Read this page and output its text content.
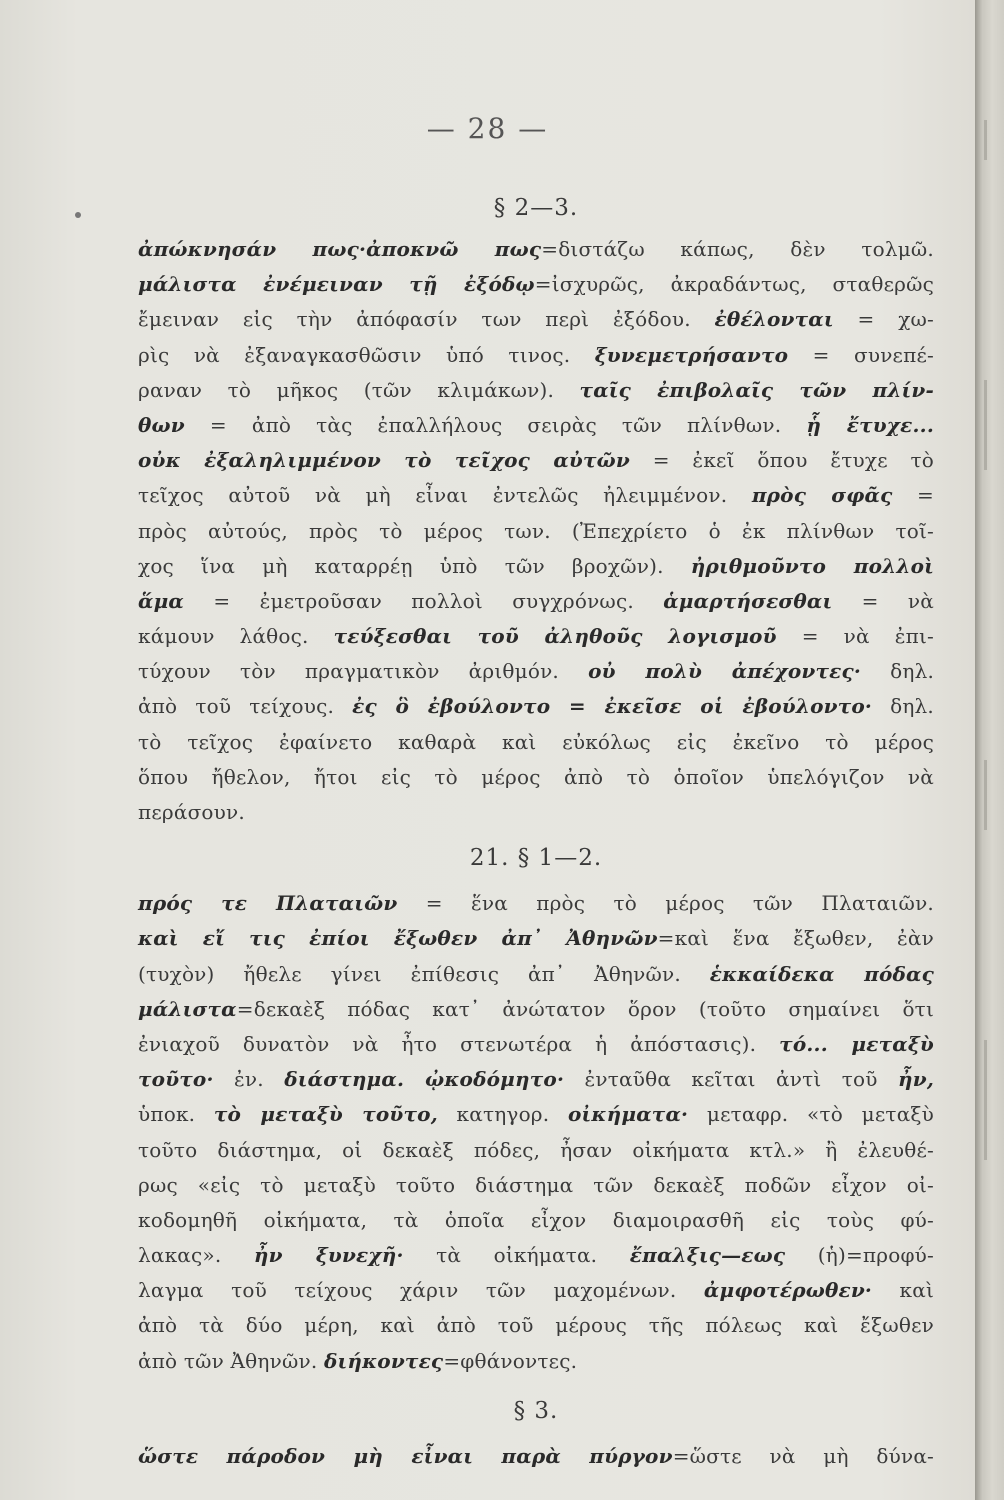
— 28 —
§ 2—3.
ἀπώκνησάν πως·ἀποκνῶ πως=διστάζω κάπως, δὲν τολμῶ.
μάλιστα ἐνέμειναν τῇ ἐξόδῳ=ἰσχυρῶς, ἀκραδάντως, σταθερῶς
ἔμειναν εἰς τὴν ἀπόφασίν των περὶ ἐξόδου. ἐθέλονται = χω-
ρὶς νὰ ἐξαναγκασθῶσιν ὑπό τινος. ξυνεμετρήσαντο = συνεπέ-
ραναν τὸ μῆκος (τῶν κλιμάκων). ταῖς ἐπιβολαῖς τῶν πλίν-
θων = ἀπὸ τὰς ἐπαλλήλους σειρὰς τῶν πλίνθων. ᾗ ἔτυχε...
οὐκ ἐξαληλιμμένον τὸ τεῖχος αὐτῶν = ἐκεῖ ὅπου ἔτυχε τὸ
τεῖχος αὐτοῦ νὰ μὴ εἶναι ἐντελῶς ἠλειμμένον. πρὸς σφᾶς =
πρὸς αὐτούς, πρὸς τὸ μέρος των. (Ἐπεχρίετο ὁ ἐκ πλίνθων τοῖ-
χος ἵνα μὴ καταρρέῃ ὑπὸ τῶν βροχῶν). ἠριθμοῦντο πολλοὶ
ἅμα = ἐμετροῦσαν πολλοὶ συγχρόνως. ἁμαρτήσεσθαι = νὰ
κάμουν λάθος. τεύξεσθαι τοῦ ἀληθοῦς λογισμοῦ = νὰ ἐπι-
τύχουν τὸν πραγματικὸν ἀριθμόν. οὐ πολὺ ἀπέχοντες· δηλ.
ἀπὸ τοῦ τείχους. ἐς ὃ ἐβούλοντο = ἐκεῖσε οἱ ἐβούλοντο· δηλ.
τὸ τεῖχος ἐφαίνετο καθαρὰ καὶ εὐκόλως εἰς ἐκεῖνο τὸ μέρος
ὅπου ἤθελον, ἤτοι εἰς τὸ μέρος ἀπὸ τὸ ὁποῖον ὑπελόγιζον νὰ
περάσουν.
21. § 1—2.
πρός τε Πλαταιῶν = ἕνα πρὸς τὸ μέρος τῶν Πλαταιῶν.
καὶ εἴ τις ἐπίοι ἔξωθεν ἀπ᾽ Ἀθηνῶν=καὶ ἕνα ἔξωθεν, ἐὰν
(τυχὸν) ἤθελε γίνει ἐπίθεσις ἀπ᾽ Ἀθηνῶν. ἑκκαίδεκα πόδας
μάλιστα=δεκαὲξ πόδας κατ᾽ ἀνώτατον ὅρον (τοῦτο σημαίνει ὅτι
ἐνιαχοῦ δυνατὸν νὰ ἦτο στενωτέρα ἡ ἀπόστασις). τό... μεταξὺ
τοῦτο· ἐν. διάστημα. ᾠκοδόμητο· ἐνταῦθα κεῖται ἀντὶ τοῦ ἦν,
ὑποκ. τὸ μεταξὺ τοῦτο, κατηγορ. οἰκήματα· μεταφρ. «τὸ μεταξὺ
τοῦτο διάστημα, οἱ δεκαὲξ πόδες, ἦσαν οἰκήματα κτλ.» ἢ ἐλευθέ-
ρως «εἰς τὸ μεταξὺ τοῦτο διάστημα τῶν δεκαὲξ ποδῶν εἶχον οἰ-
κοδομηθῆ οἰκήματα, τὰ ὁποῖα εἶχον διαμοιρασθῆ εἰς τοὺς φύ-
λακας». ἦν ξυνεχῆ· τὰ οἰκήματα. ἔπαλξις—εως (ἡ)=προφύ-
λαγμα τοῦ τείχους χάριν τῶν μαχομένων. ἀμφοτέρωθεν· καὶ
ἀπὸ τὰ δύο μέρη, καὶ ἀπὸ τοῦ μέρους τῆς πόλεως καὶ ἔξωθεν
ἀπὸ τῶν Ἀθηνῶν. διήκοντες=φθάνοντες.
§ 3.
ὥστε πάροδον μὴ εἶναι παρὰ πύργον=ὥστε νὰ μὴ δύνα-
